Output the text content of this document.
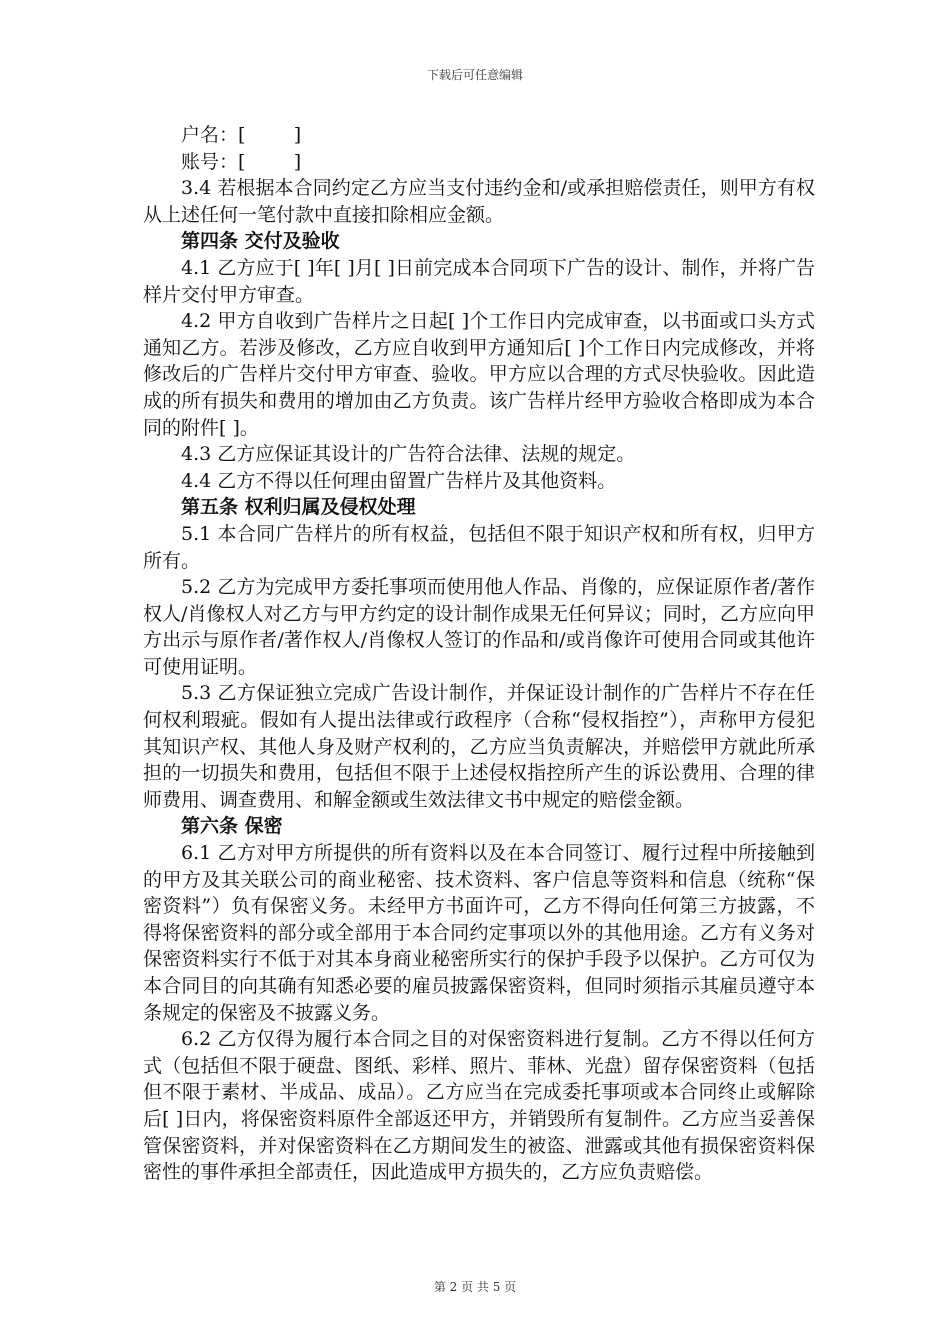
下载后可任意编辑

户名：[        ]

账号：[        ]

3.4 若根据本合同约定乙方应当支付违约金和/或承担赔偿责任，则甲方有权从上述任何一笔付款中直接扣除相应金额。

第四条 交付及验收

4.1 乙方应于[ ]年[ ]月[ ]日前完成本合同项下广告的设计、制作，并将广告样片交付甲方审查。

4.2 甲方自收到广告样片之日起[ ]个工作日内完成审查，以书面或口头方式通知乙方。若涉及修改，乙方应自收到甲方通知后[ ]个工作日内完成修改，并将修改后的广告样片交付甲方审查、验收。甲方应以合理的方式尽快验收。因此造成的所有损失和费用的增加由乙方负责。该广告样片经甲方验收合格即成为本合同的附件[ ]。

4.3 乙方应保证其设计的广告符合法律、法规的规定。

4.4 乙方不得以任何理由留置广告样片及其他资料。

第五条 权利归属及侵权处理

5.1 本合同广告样片的所有权益，包括但不限于知识产权和所有权，归甲方所有。

5.2 乙方为完成甲方委托事项而使用他人作品、肖像的，应保证原作者/著作权人/肖像权人对乙方与甲方约定的设计制作成果无任何异议；同时，乙方应向甲方出示与原作者/著作权人/肖像权人签订的作品和/或肖像许可使用合同或其他许可使用证明。

5.3 乙方保证独立完成广告设计制作，并保证设计制作的广告样片不存在任何权利瑕疵。假如有人提出法律或行政程序（合称“侵权指控”），声称甲方侵犯其知识产权、其他人身及财产权利的，乙方应当负责解决，并赔偿甲方就此所承担的一切损失和费用，包括但不限于上述侵权指控所产生的诉讼费用、合理的律师费用、调查费用、和解金额或生效法律文书中规定的赔偿金额。

第六条 保密

6.1 乙方对甲方所提供的所有资料以及在本合同签订、履行过程中所接触到的甲方及其关联公司的商业秘密、技术资料、客户信息等资料和信息（统称“保密资料”）负有保密义务。未经甲方书面许可，乙方不得向任何第三方披露，不得将保密资料的部分或全部用于本合同约定事项以外的其他用途。乙方有义务对保密资料实行不低于对其本身商业秘密所实行的保护手段予以保护。乙方可仅为本合同目的向其确有知悉必要的雇员披露保密资料，但同时须指示其雇员遵守本条规定的保密及不披露义务。

6.2 乙方仅得为履行本合同之目的对保密资料进行复制。乙方不得以任何方式（包括但不限于硬盘、图纸、彩样、照片、菲林、光盘）留存保密资料（包括但不限于素材、半成品、成品）。乙方应当在完成委托事项或本合同终止或解除后[ ]日内，将保密资料原件全部返还甲方，并销毁所有复制件。乙方应当妥善保管保密资料，并对保密资料在乙方期间发生的被盗、泄露或其他有损保密资料保密性的事件承担全部责任，因此造成甲方损失的，乙方应负责赔偿。

第 2 页 共 5 页
